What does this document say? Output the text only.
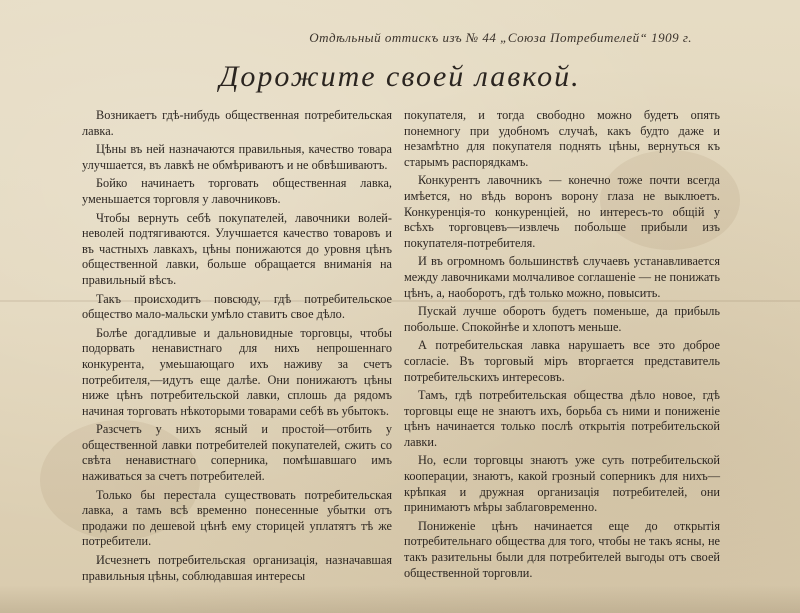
Отдѣльный оттискъ изъ № 44 „Союза Потребителей“ 1909 г.
Дорожите своей лавкой.

Возникаетъ гдѣ-нибудь общественная потребительская лавка.

Цѣны въ ней назначаются правильныя, качество товара улучшается, въ лавкѣ не обмѣриваютъ и не обвѣшиваютъ.

Бойко начинаетъ торговать общественная лавка, уменьшается торговля у лавочниковъ.

Чтобы вернуть себѣ покупателей, лавочники волей-неволей подтягиваются. Улучшается качество товаровъ и въ частныхъ лавкахъ, цѣны понижаются до уровня цѣнъ общественной лавки, больше обращается вниманія на правильный вѣсъ.

Такъ происходитъ повсюду, гдѣ потребительское общество мало-мальски умѣло ставитъ свое дѣло.

Болѣе догадливые и дальновидные торговцы, чтобы подорвать ненавистнаго для нихъ непрошеннаго конкурента, умеьшающаго ихъ наживу за счетъ потребителя,—идутъ еще далѣе. Они понижаютъ цѣны ниже цѣнъ потребительской лавки, сплошь да рядомъ начиная торговать нѣкоторыми товарами себѣ въ убытокъ.

Разсчетъ у нихъ ясный и простой—отбить у общественной лавки потребителей покупателей, сжить со свѣта ненавистнаго соперника, помѣшавшаго имъ наживаться за счетъ потребителей.

Только бы перестала существовать потребительская лавка, а тамъ всѣ временно понесенные убытки отъ продажи по дешевой цѣнѣ ему сторицей уплатятъ тѣ же потребители.

Исчезнетъ потребительская организація, назначавшая правильныя цѣны, соблюдавшая интересы

покупателя, и тогда свободно можно будетъ опять понемногу при удобномъ случаѣ, какъ будто даже и незамѣтно для покупателя поднять цѣны, вернуться къ старымъ распорядкамъ.

Конкурентъ лавочникъ — конечно тоже почти всегда имѣется, но вѣдь воронъ ворону глаза не выклюетъ. Конкуренція-то конкуренціей, но интересъ-то общій у всѣхъ торговцевъ—извлечь побольше прибыли изъ покупателя-потребителя.

И въ огромномъ большинствѣ случаевъ устанавливается между лавочниками молчаливое соглашеніе — не понижать цѣнъ, а, наоборотъ, гдѣ только можно, повысить.

Пускай лучше оборотъ будетъ поменьше, да прибыль побольше. Спокойнѣе и хлопотъ меньше.

А потребительская лавка нарушаетъ все это доброе согласіе. Въ торговый міръ вторгается представитель потребительскихъ интересовъ.

Тамъ, гдѣ потребительская общества дѣло новое, гдѣ торговцы еще не знаютъ ихъ, борьба съ ними и пониженіе цѣнъ начинается только послѣ открытія потребительской лавки.

Но, если торговцы знаютъ уже суть потребительской кооперации, знаютъ, какой грозный соперникъ для нихъ—крѣпкая и дружная организація потребителей, они принимаютъ мѣры заблаговременно.

Пониженіе цѣнъ начинается еще до открытія потребительнаго общества для того, чтобы не такъ ясны, не такъ разительны были для потребителей выгоды отъ своей общественной торговли.
